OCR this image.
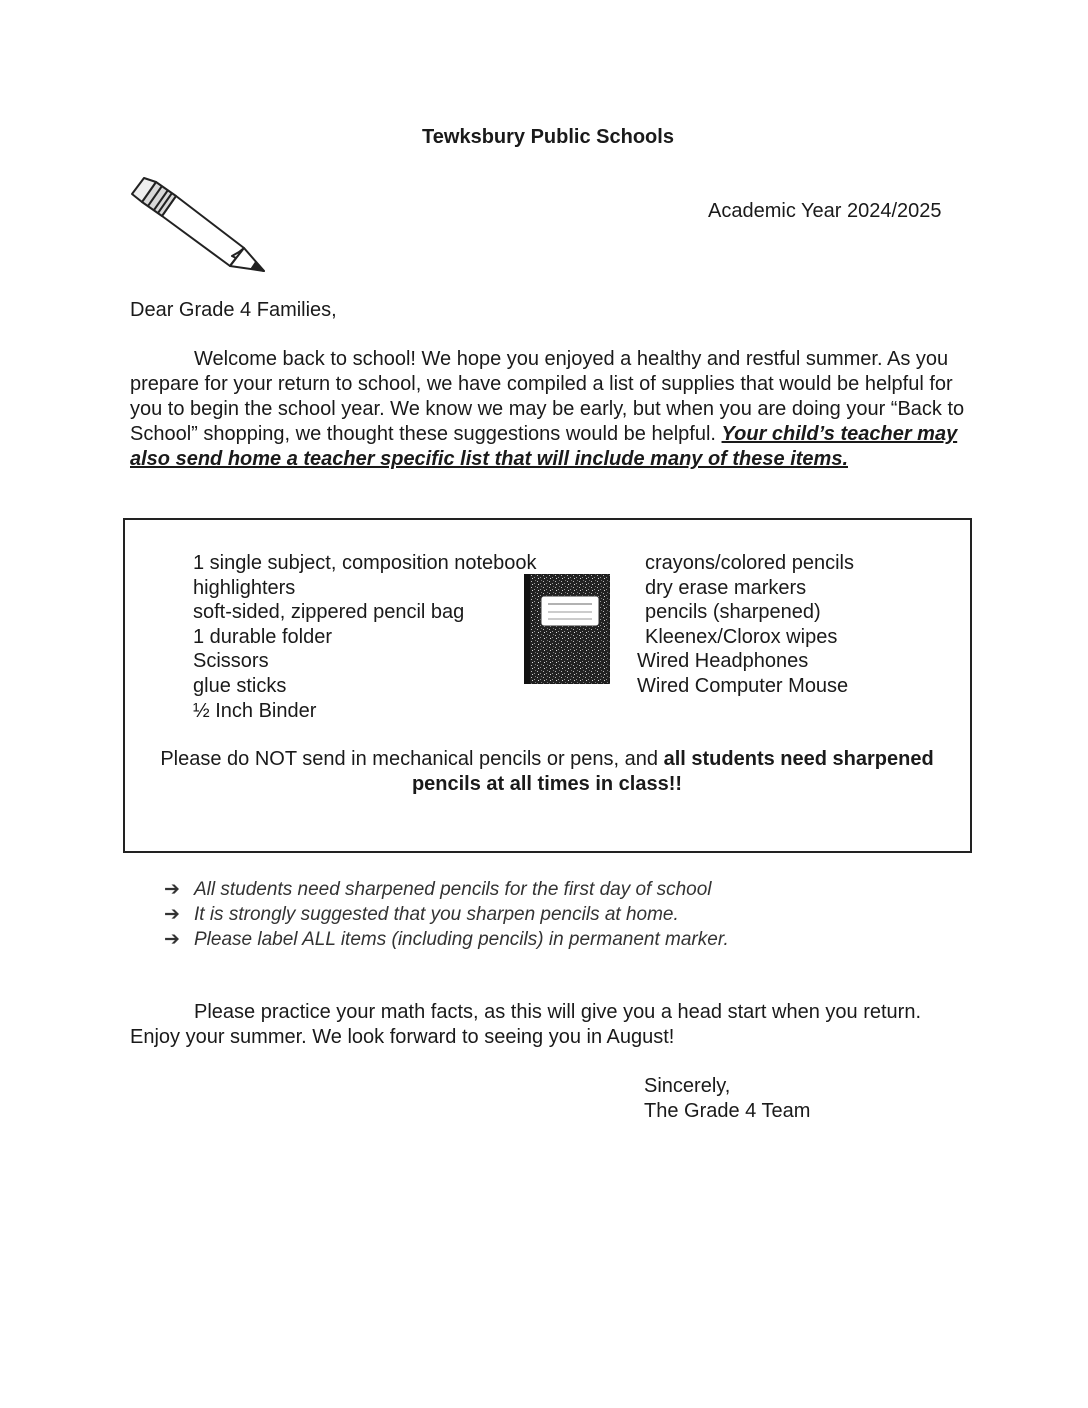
Tewksbury Public Schools
Academic Year 2024/2025
Dear Grade 4 Families,

Welcome back to school! We hope you enjoyed a healthy and restful summer. As you prepare for your return to school, we have compiled a list of supplies that would be helpful for you to begin the school year. We know we may be early, but when you are doing your “Back to School” shopping, we thought these suggestions would be helpful. Your child’s teacher may also send home a teacher specific list that will include many of these items.

1 single subject, composition notebook
highlighters
soft-sided, zippered pencil bag
1 durable folder
Scissors
glue sticks
½ Inch Binder
crayons/colored pencils
dry erase markers
pencils (sharpened)
Kleenex/Clorox wipes
Wired Headphones
Wired Computer Mouse
Please do NOT send in mechanical pencils or pens, and all students need sharpened pencils at all times in class!!
➔ All students need sharpened pencils for the first day of school
➔ It is strongly suggested that you sharpen pencils at home.
➔ Please label ALL items (including pencils) in permanent marker.

Please practice your math facts, as this will give you a head start when you return. Enjoy your summer. We look forward to seeing you in August!

Sincerely,
The Grade 4 Team
